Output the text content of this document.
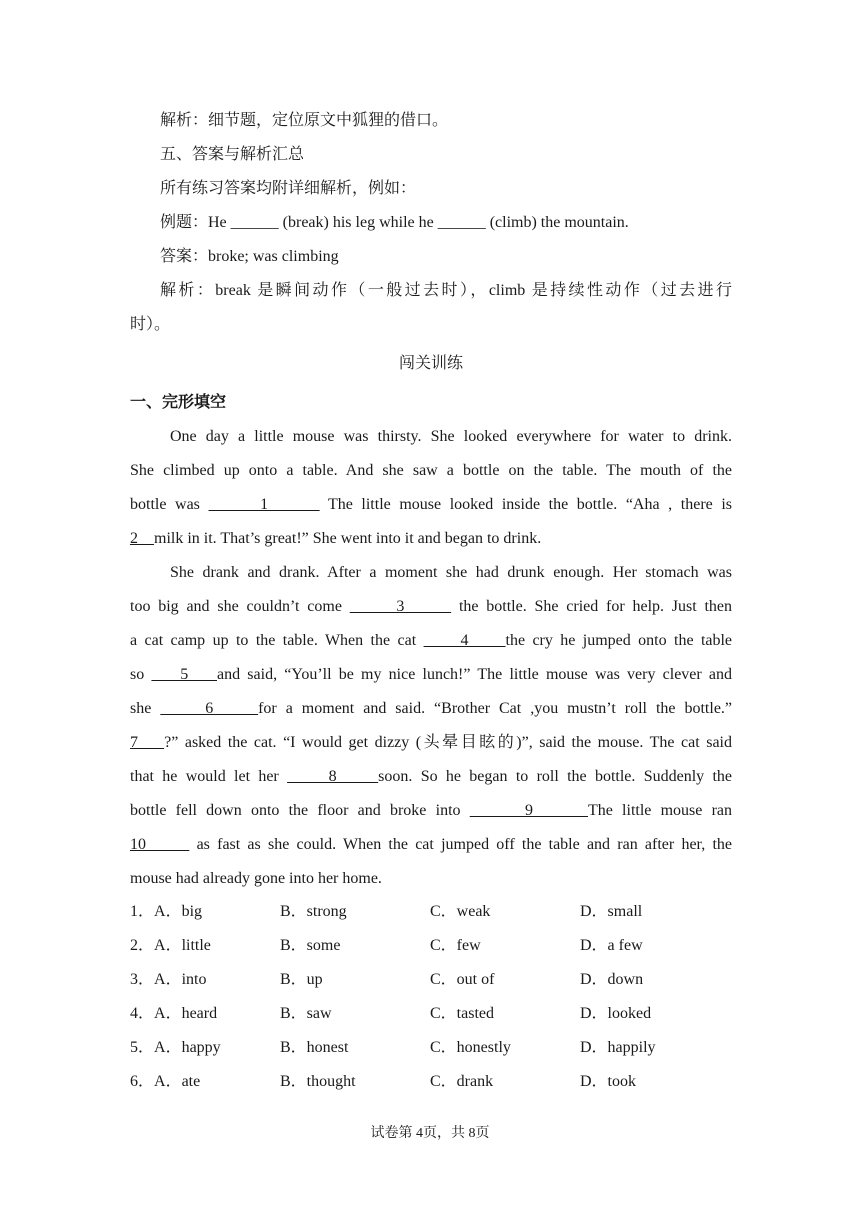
解析：细节题，定位原文中狐狸的借口。
五、答案与解析汇总
所有练习答案均附详细解析，例如：
例题：He ______ (break) his leg while he ______ (climb) the mountain.
答案：broke; was climbing
解析：break 是瞬间动作（一般过去时），climb 是持续性动作（过去进行
时）。
闯关训练
一、完形填空
One day a little mouse was thirsty. She looked everywhere for water to drink.
She climbed up onto a table. And she saw a bottle on the table. The mouth of the
bottle was       1       The little mouse looked inside the bottle. “Aha , there is
2    milk in it. That’s great!” She went into it and began to drink.
She drank and drank. After a moment she had drunk enough. Her stomach was
too big and she couldn’t come       3       the bottle. She cried for help. Just then
a cat camp up to the table. When the cat      4     the cry he jumped onto the table
so     5    and said, “You’ll be my nice lunch!” The little mouse was very clever and
she      6     for a moment and said. “Brother Cat ,you mustn’t roll the bottle.”
7    ?” asked the cat. “I would get dizzy (头晕目眩的)”, said the mouse. The cat said
that he would let her      8     soon. So he began to roll the bottle. Suddenly the
bottle fell down onto the floor and broke into       9      The little mouse ran
10       as fast as she could. When the cat jumped off the table and ran after her, the
mouse had already gone into her home.
1．A．big	B．strong	C．weak	D．small
2．A．little	B．some	C．few	D．a few
3．A．into	B．up	C．out of	D．down
4．A．heard	B．saw	C．tasted	D．looked
5．A．happy	B．honest	C．honestly	D．happily
6．A．ate	B．thought	C．drank	D．took
试卷第 4页，共 8页
